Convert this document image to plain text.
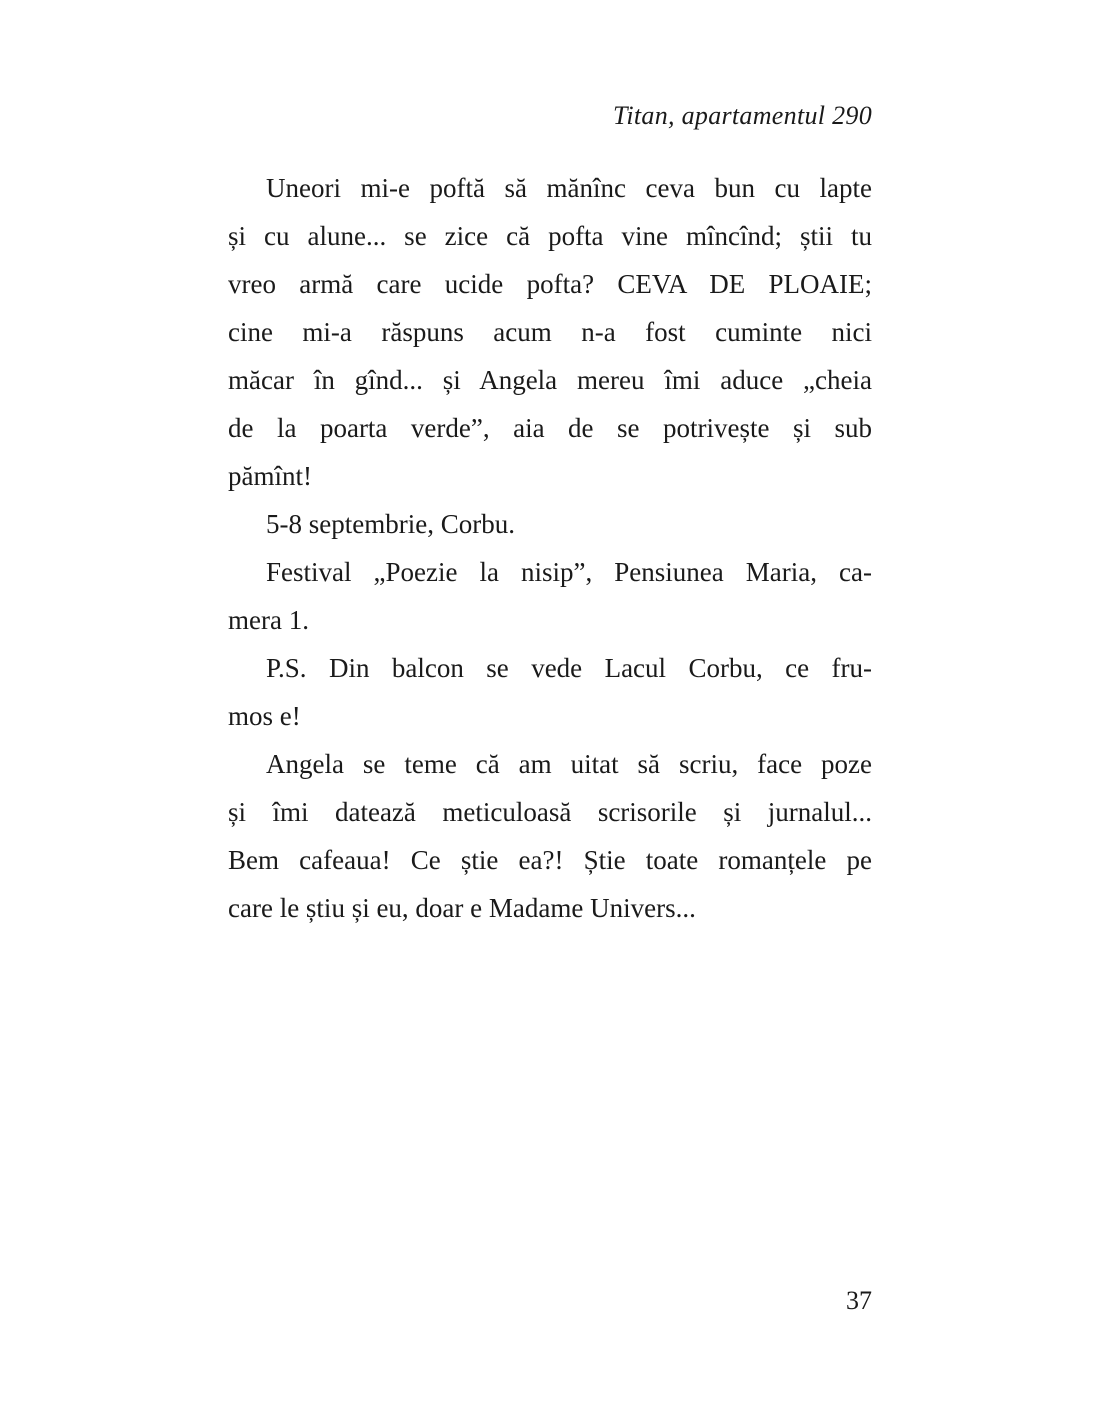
Titan, apartamentul 290
Uneori mi-e poftă să mănînc ceva bun cu lapte
și cu alune... se zice că pofta vine mîncînd; știi tu
vreo armă care ucide pofta? CEVA DE PLOAIE;
cine mi-a răspuns acum n-a fost cuminte nici
măcar în gînd... și Angela mereu îmi aduce „cheia
de la poarta verde”, aia de se potrivește și sub
pămînt!
5-8 septembrie, Corbu.
Festival „Poezie la nisip”, Pensiunea Maria, ca-
mera 1.
P.S. Din balcon se vede Lacul Corbu, ce fru-
mos e!
Angela se teme că am uitat să scriu, face poze
și îmi datează meticuloasă scrisorile și jurnalul...
Bem cafeaua! Ce știe ea?! Știe toate romanțele pe
care le știu și eu, doar e Madame Univers...
37
